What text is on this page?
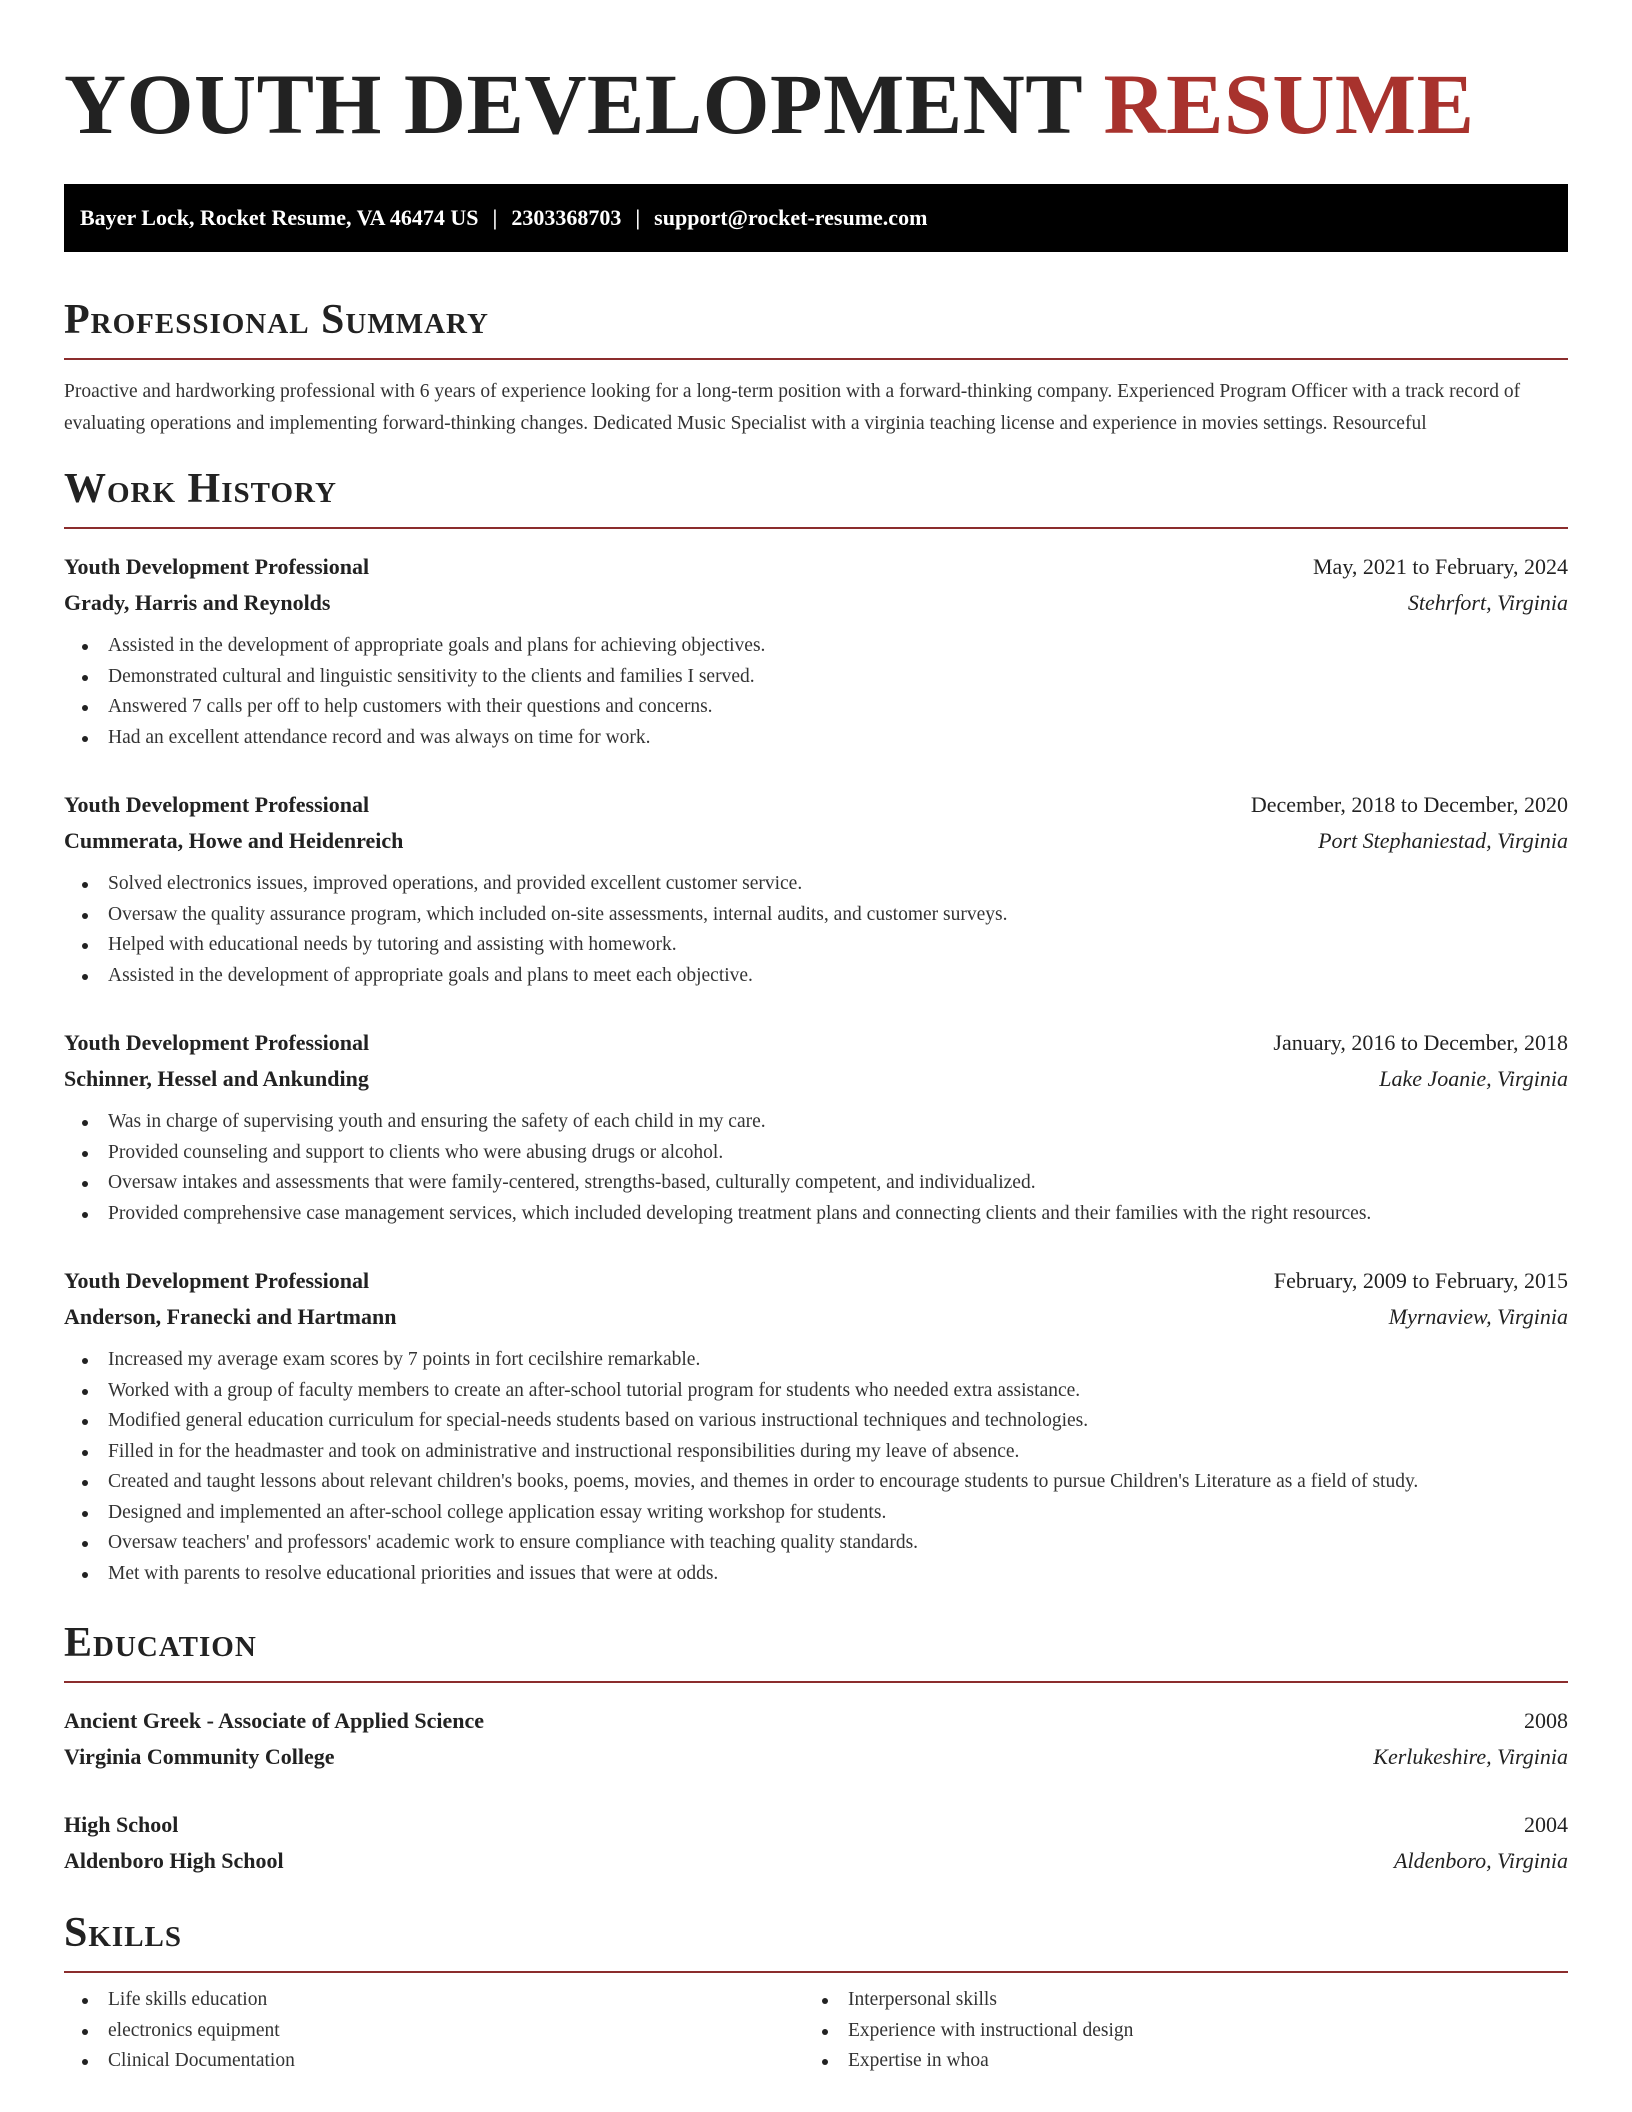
YOUTH DEVELOPMENT RESUME
Bayer Lock, Rocket Resume, VA 46474 US | 2303368703 | support@rocket-resume.com
Professional Summary

Proactive and hardworking professional with 6 years of experience looking for a long-term position with a forward-thinking company. Experienced Program Officer with a track record of evaluating operations and implementing forward-thinking changes. Dedicated Music Specialist with a virginia teaching license and experience in movies settings. Resourceful

Work History
Youth Development Professional	May, 2021 to February, 2024
Grady, Harris and Reynolds	Stehrfort, Virginia
Assisted in the development of appropriate goals and plans for achieving objectives.
Demonstrated cultural and linguistic sensitivity to the clients and families I served.
Answered 7 calls per off to help customers with their questions and concerns.
Had an excellent attendance record and was always on time for work.
Youth Development Professional	December, 2018 to December, 2020
Cummerata, Howe and Heidenreich	Port Stephaniestad, Virginia
Solved electronics issues, improved operations, and provided excellent customer service.
Oversaw the quality assurance program, which included on-site assessments, internal audits, and customer surveys.
Helped with educational needs by tutoring and assisting with homework.
Assisted in the development of appropriate goals and plans to meet each objective.
Youth Development Professional	January, 2016 to December, 2018
Schinner, Hessel and Ankunding	Lake Joanie, Virginia
Was in charge of supervising youth and ensuring the safety of each child in my care.
Provided counseling and support to clients who were abusing drugs or alcohol.
Oversaw intakes and assessments that were family-centered, strengths-based, culturally competent, and individualized.
Provided comprehensive case management services, which included developing treatment plans and connecting clients and their families with the right resources.
Youth Development Professional	February, 2009 to February, 2015
Anderson, Franecki and Hartmann	Myrnaview, Virginia
Increased my average exam scores by 7 points in fort cecilshire remarkable.
Worked with a group of faculty members to create an after-school tutorial program for students who needed extra assistance.
Modified general education curriculum for special-needs students based on various instructional techniques and technologies.
Filled in for the headmaster and took on administrative and instructional responsibilities during my leave of absence.
Created and taught lessons about relevant children's books, poems, movies, and themes in order to encourage students to pursue Children's Literature as a field of study.
Designed and implemented an after-school college application essay writing workshop for students.
Oversaw teachers' and professors' academic work to ensure compliance with teaching quality standards.
Met with parents to resolve educational priorities and issues that were at odds.
Education
Ancient Greek - Associate of Applied Science	2008
Virginia Community College	Kerlukeshire, Virginia
High School	2004
Aldenboro High School	Aldenboro, Virginia
Skills
Life skills education
electronics equipment
Clinical Documentation
Interpersonal skills
Experience with instructional design
Expertise in whoa
